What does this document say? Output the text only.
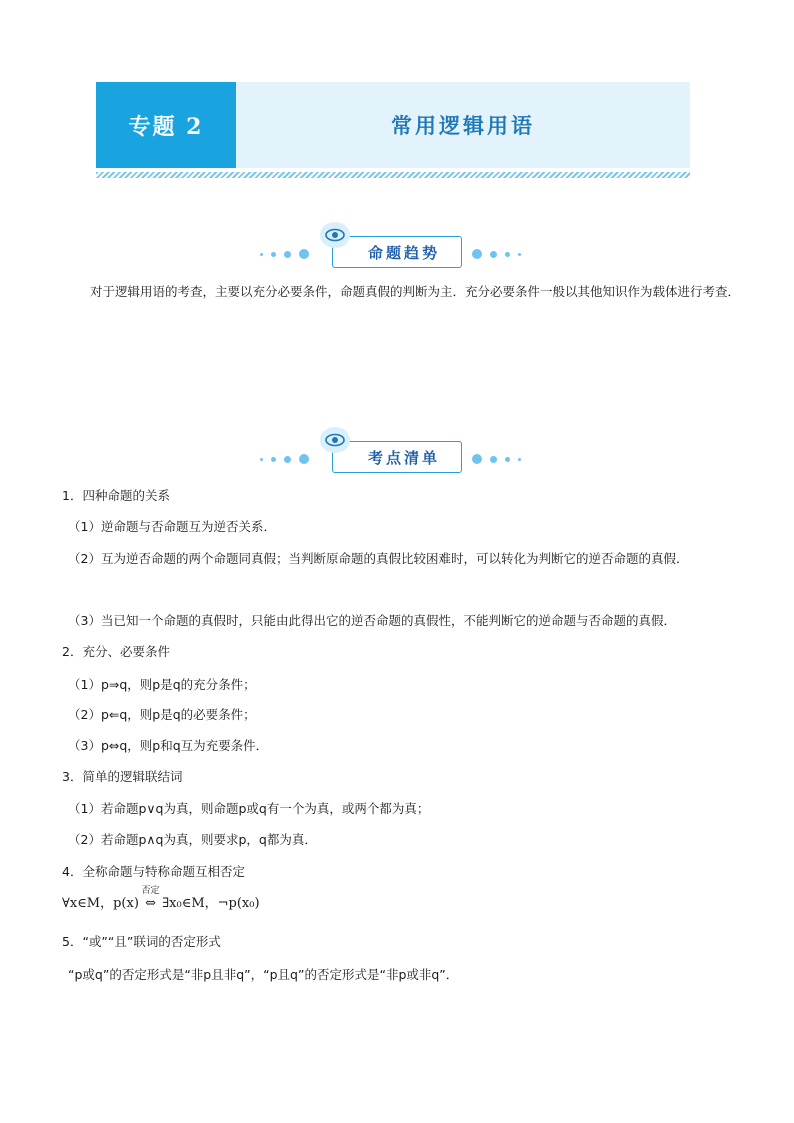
专题 2	常用逻辑用语
命题趋势

对于逻辑用语的考查，主要以充分必要条件，命题真假的判断为主．充分必要条件一般以其他知识作为载体进行考查．

考点清单

1．四种命题的关系

（1）逆命题与否命题互为逆否关系．

（2）互为逆否命题的两个命题同真假；当判断原命题的真假比较困难时，可以转化为判断它的逆否命题的真假．

（3）当已知一个命题的真假时，只能由此得出它的逆否命题的真假性，不能判断它的逆命题与否命题的真假．

2．充分、必要条件

（1）p⇒q，则p是q的充分条件；

（2）p⇐q，则p是q的必要条件；

（3）p⇔q，则p和q互为充要条件．

3．简单的逻辑联结词

（1）若命题p∨q为真，则命题p或q有一个为真，或两个都为真；

（2）若命题p∧q为真，则要求p，q都为真．

4．全称命题与特称命题互相否定

∀x∈M，p(x)
否定
⇔ ∃x₀∈M，¬p(x₀)

5．“或”“且”联词的否定形式

“p或q”的否定形式是“非p且非q”，“p且q”的否定形式是“非p或非q”．
